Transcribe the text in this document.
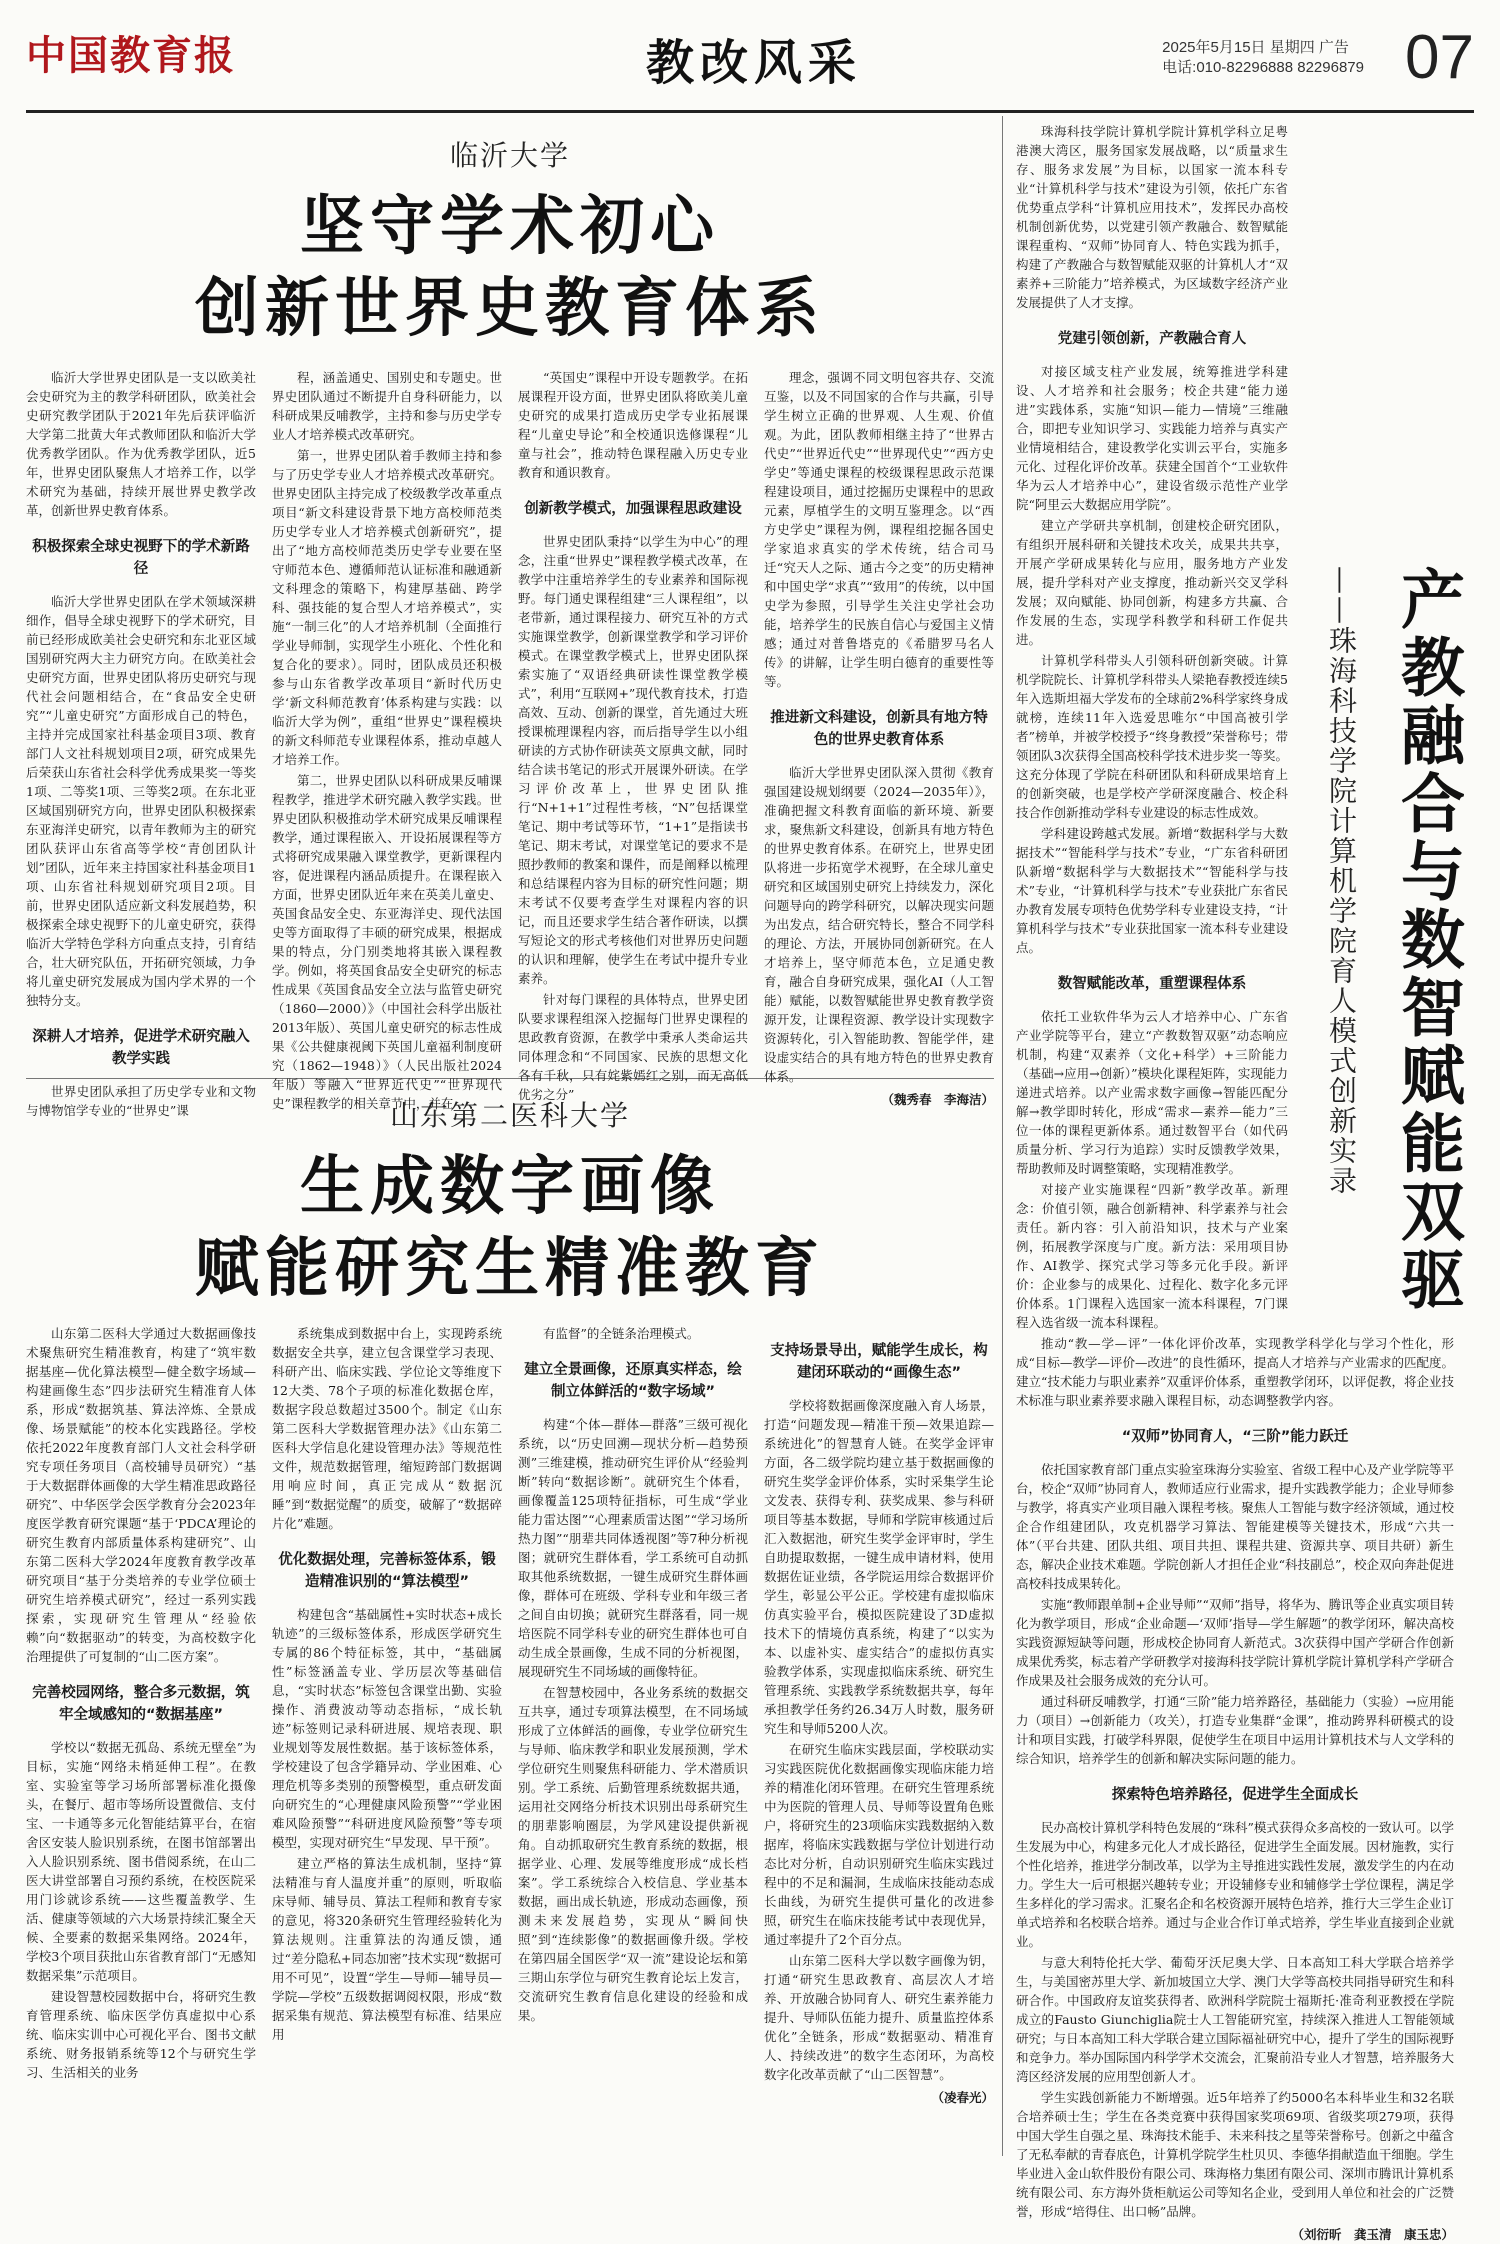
中国教育报	教改风采	2025年5月15日 星期四 广告
电话:010-82296888 82296879 07
临沂大学
坚守学术初心
创新世界史教育体系

临沂大学世界史团队是一支以欧美社会史研究为主的教学科研团队，欧美社会史研究教学团队于2021年先后获评临沂大学第二批黄大年式教师团队和临沂大学优秀教学团队。作为优秀教学团队，近5年，世界史团队聚焦人才培养工作，以学术研究为基础，持续开展世界史教学改革，创新世界史教育体系。

积极探索全球史视野下的学术新路径

临沂大学世界史团队在学术领域深耕细作，倡导全球史视野下的学术研究，目前已经形成欧美社会史研究和东北亚区域国别研究两大主力研究方向。在欧美社会史研究方面，世界史团队将历史研究与现代社会问题相结合，在“食品安全史研究”“儿童史研究”方面形成自己的特色，主持并完成国家社科基金项目3项、教育部门人文社科规划项目2项，研究成果先后荣获山东省社会科学优秀成果奖一等奖1项、二等奖1项、三等奖2项。在东北亚区域国别研究方向，世界史团队积极探索东亚海洋史研究，以青年教师为主的研究团队获评山东省高等学校“青创团队计划”团队，近年来主持国家社科基金项目1项、山东省社科规划研究项目2项。目前，世界史团队适应新文科发展趋势，积极探索全球史视野下的儿童史研究，获得临沂大学特色学科方向重点支持，引育结合，壮大研究队伍，开拓研究领域，力争将儿童史研究发展成为国内学术界的一个独特分支。

深耕人才培养，促进学术研究融入教学实践

世界史团队承担了历史学专业和文物与博物馆学专业的“世界史”课

程，涵盖通史、国别史和专题史。世界史团队通过不断提升自身科研能力，以科研成果反哺教学，主持和参与历史学专业人才培养模式改革研究。

第一，世界史团队着手教师主持和参与了历史学专业人才培养模式改革研究。世界史团队主持完成了校级教学改革重点项目“新文科建设背景下地方高校师范类历史学专业人才培养模式创新研究”，提出了“地方高校师范类历史学专业要在坚守师范本色、遵循师范认证标准和融通新文科理念的策略下，构建厚基础、跨学科、强技能的复合型人才培养模式”，实施“一制三化”的人才培养机制（全面推行学业导师制，实现学生小班化、个性化和复合化的要求）。同时，团队成员还积极参与山东省教学改革项目“新时代历史学‘新文科师范教育’体系构建与实践：以临沂大学为例”，重组“世界史”课程模块的新文科师范专业课程体系，推动卓越人才培养工作。

第二，世界史团队以科研成果反哺课程教学，推进学术研究融入教学实践。世界史团队积极推动学术研究成果反哺课程教学，通过课程嵌入、开设拓展课程等方式将研究成果融入课堂教学，更新课程内容，促进课程内涵品质提升。在课程嵌入方面，世界史团队近年来在英美儿童史、英国食品安全史、东亚海洋史、现代法国史等方面取得了丰硕的研究成果，根据成果的特点，分门别类地将其嵌入课程教学。例如，将英国食品安全史研究的标志性成果《英国食品安全立法与监管史研究（1860—2000）》（中国社会科学出版社2013年版）、英国儿童史研究的标志性成果《公共健康视阈下英国儿童福利制度研究（1862—1948）》（人民出版社2024年版）等融入“世界近代史”“世界现代史”课程教学的相关章节中，并在

“英国史”课程中开设专题教学。在拓展课程开设方面，世界史团队将欧美儿童史研究的成果打造成历史学专业拓展课程“儿童史导论”和全校通识选修课程“儿童与社会”，推动特色课程融入历史专业教育和通识教育。

创新教学模式，加强课程思政建设

世界史团队秉持“以学生为中心”的理念，注重“世界史”课程教学模式改革，在教学中注重培养学生的专业素养和国际视野。每门通史课程组建“三人课程组”，以老带新，通过课程接力、研究互补的方式实施课堂教学，创新课堂教学和学习评价模式。在课堂教学模式上，世界史团队探索实施了“双语经典研读性课堂教学模式”，利用“互联网+”现代教育技术，打造高效、互动、创新的课堂，首先通过大班授课梳理课程内容，而后指导学生以小组研读的方式协作研读英文原典文献，同时结合读书笔记的形式开展课外研读。在学习评价改革上，世界史团队推行“N+1+1”过程性考核，“N”包括课堂笔记、期中考试等环节，“1+1”是指读书笔记、期末考试，对课堂笔记的要求不是照抄教师的教案和课件，而是阐释以梳理和总结课程内容为目标的研究性问题；期末考试不仅要考查学生对课程内容的识记，而且还要求学生结合著作研读，以撰写短论文的形式考核他们对世界历史问题的认识和理解，使学生在考试中提升专业素养。

针对每门课程的具体特点，世界史团队要求课程组深入挖掘每门世界史课程的思政教育资源，在教学中秉承人类命运共同体理念和“不同国家、民族的思想文化各有千秋，只有姹紫嫣红之别，而无高低优劣之分”

理念，强调不同文明包容共存、交流互鉴，以及不同国家的合作与共赢，引导学生树立正确的世界观、人生观、价值观。为此，团队教师相继主持了“世界古代史”“世界近代史”“世界现代史”“西方史学史”等通史课程的校级课程思政示范课程建设项目，通过挖掘历史课程中的思政元素，厚植学生的文明互鉴理念。以“西方史学史”课程为例，课程组挖掘各国史学家追求真实的学术传统，结合司马迁“究天人之际、通古今之变”的历史精神和中国史学“求真”“致用”的传统，以中国史学为参照，引导学生关注史学社会功能，培养学生的民族自信心与爱国主义情感；通过对普鲁塔克的《希腊罗马名人传》的讲解，让学生明白德育的重要性等等。

推进新文科建设，创新具有地方特色的世界史教育体系

临沂大学世界史团队深入贯彻《教育强国建设规划纲要（2024—2035年）》，准确把握文科教育面临的新环境、新要求，聚焦新文科建设，创新具有地方特色的世界史教育体系。在研究上，世界史团队将进一步拓宽学术视野，在全球儿童史研究和区域国别史研究上持续发力，深化问题导向的跨学科研究，以解决现实问题为出发点，结合研究特长，整合不同学科的理论、方法，开展协同创新研究。在人才培养上，坚守师范本色，立足通史教育，融合自身研究成果，强化AI（人工智能）赋能，以数智赋能世界史教育教学资源开发，让课程资源、教学设计实现数字资源转化，引入智能助教、智能学伴，建设虚实结合的具有地方特色的世界史教育体系。

（魏秀春　李海洁）
山东第二医科大学
生成数字画像
赋能研究生精准教育

山东第二医科大学通过大数据画像技术聚焦研究生精准教育，构建了“筑牢数据基座—优化算法模型—健全数字场域—构建画像生态”四步法研究生精准育人体系，形成“数据筑基、算法淬炼、全景成像、场景赋能”的校本化实践路径。学校依托2022年度教育部门人文社会科学研究专项任务项目（高校辅导员研究）“基于大数据群体画像的大学生精准思政路径研究”、中华医学会医学教育分会2023年度医学教育研究课题“基于‘PDCA’理论的研究生教育内部质量体系构建研究”、山东第二医科大学2024年度教育教学改革研究项目“基于分类培养的专业学位硕士研究生培养模式研究”，经过一系列实践探索，实现研究生管理从“经验依赖”向“数据驱动”的转变，为高校数字化治理提供了可复制的“山二医方案”。

完善校园网络，整合多元数据，筑牢全域感知的“数据基座”

学校以“数据无孤岛、系统无壁垒”为目标，实施“网络未梢延伸工程”。在教室、实验室等学习场所部署标准化摄像头，在餐厅、超市等场所设置微信、支付宝、一卡通等多元化智能结算平台，在宿舍区安装人脸识别系统，在图书馆部署出入人脸识别系统、图书借阅系统，在山二医大讲堂部署自习预约系统，在校医院采用门诊就诊系统——这些覆盖教学、生活、健康等领域的六大场景持续汇聚全天候、全要素的数据采集网络。2024年，学校3个项目获批山东省教育部门“无感知数据采集”示范项目。

建设智慧校园数据中台，将研究生教育管理系统、临床医学仿真虚拟中心系统、临床实训中心可视化平台、图书文献系统、财务报销系统等12个与研究生学习、生活相关的业务

系统集成到数据中台上，实现跨系统数据安全共享，建立包含课堂学习表现、科研产出、临床实践、学位论文等维度下12大类、78个子项的标准化数据仓库，数据字段总数超过3500个。制定《山东第二医科大学数据管理办法》《山东第二医科大学信息化建设管理办法》等规范性文件，规范数据管理，缩短跨部门数据调用响应时间，真正完成从“数据沉睡”到“数据觉醒”的质变，破解了“数据碎片化”难题。

优化数据处理，完善标签体系，锻造精准识别的“算法模型”

构建包含“基础属性+实时状态+成长轨迹”的三级标签体系，形成医学研究生专属的86个特征标签，其中，“基础属性”标签涵盖专业、学历层次等基础信息，“实时状态”标签包含课堂出勤、实验操作、消费波动等动态指标，“成长轨迹”标签则记录科研进展、规培表现、职业规划等发展性数据。基于该标签体系，学校建设了包含学籍异动、学业困难、心理危机等多类别的预警模型，重点研发面向研究生的“心理健康风险预警”“学业困难风险预警”“科研进度风险预警”等专项模型，实现对研究生“早发现、早干预”。

建立严格的算法生成机制，坚持“算法精准与育人温度并重”的原则，听取临床导师、辅导员、算法工程师和教育专家的意见，将320条研究生管理经验转化为算法规则。注重算法的沟通反馈，通过“差分隐私+同态加密”技术实现“数据可用不可见”，设置“学生—导师—辅导员—学院—学校”五级数据调阅权限，形成“数据采集有规范、算法模型有标准、结果应用

有监督”的全链条治理模式。

建立全景画像，还原真实样态，绘制立体鲜活的“数字场域”

构建“个体—群体—群落”三级可视化系统，以“历史回溯—现状分析—趋势预测”三维建模，推动研究生评价从“经验判断”转向“数据诊断”。就研究生个体看，画像覆盖125项特征指标，可生成“学业能力雷达图”“心理素质雷达图”“学习场所热力图”“朋辈共同体透视图”等7种分析视图；就研究生群体看，学工系统可自动抓取其他系统数据，一键生成研究生群体画像，群体可在班级、学科专业和年级三者之间自由切换；就研究生群落看，同一规培医院不同学科专业的研究生群体也可自动生成全景画像，生成不同的分析视图，展现研究生不同场域的画像特征。

在智慧校园中，各业务系统的数据交互共享，通过专项算法模型，在不同场域形成了立体鲜活的画像，专业学位研究生与导师、临床教学和职业发展预测，学术学位研究生则聚焦科研能力、学术潜质识别。学工系统、后勤管理系统数据共通，运用社交网络分析技术识别出母系研究生的朋辈影响圈层，为学风建设提供新视角。自动抓取研究生教育系统的数据，根据学业、心理、发展等维度形成“成长档案”。学工系统综合入校信息、学业基本数据，画出成长轨迹，形成动态画像，预测未来发展趋势，实现从“瞬间快照”到“连续影像”的数据画像升级。学校在第四届全国医学“双一流”建设论坛和第三期山东学位与研究生教育论坛上发言，交流研究生教育信息化建设的经验和成果。

支持场景导出，赋能学生成长，构建闭环联动的“画像生态”

学校将数据画像深度融入育人场景，打造“问题发现—精准干预—效果追踪—系统进化”的智慧育人链。在奖学金评审方面，各二级学院均建立基于数据画像的研究生奖学金评价体系，实时采集学生论文发表、获得专利、获奖成果、参与科研项目等基本数据，导师和学院审核通过后汇入数据池，研究生奖学金评审时，学生自助提取数据，一键生成申请材料，使用数据佐证业绩，各学院运用综合数据评价学生，彰显公平公正。学校建有虚拟临床仿真实验平台，模拟医院建设了3D虚拟技术下的情境仿真系统，构建了“以实为本、以虚补实、虚实结合”的虚拟仿真实验教学体系，实现虚拟临床系统、研究生管理系统、实践教学系统数据共享，每年承担教学任务约26.34万人时数，服务研究生和导师5200人次。

在研究生临床实践层面，学校联动实习实践医院优化数据画像实现临床能力培养的精准化闭环管理。在研究生管理系统中为医院的管理人员、导师等设置角色账户，将研究生的23项临床实践数据纳入数据库，将临床实践数据与学位计划进行动态比对分析，自动识别研究生临床实践过程中的不足和漏洞，生成临床技能动态成长曲线，为研究生提供可量化的改进参照，研究生在临床技能考试中表现优异，通过率提升了2个百分点。

山东第二医科大学以数字画像为钥，打通“研究生思政教育、高层次人才培养、开放融合协同育人、研究生素养能力提升、导师队伍能力提升、质量监控体系优化”全链条，形成“数据驱动、精准育人、持续改进”的数字生态闭环，为高校数字化改革贡献了“山二医智慧”。

（凌春光）
产教融合与数智赋能双驱
——珠海科技学院计算机学院育人模式创新实录

珠海科技学院计算机学院计算机学科立足粤港澳大湾区，服务国家发展战略，以“质量求生存、服务求发展”为目标，以国家一流本科专业“计算机科学与技术”建设为引领，依托广东省优势重点学科“计算机应用技术”，发挥民办高校机制创新优势，以党建引领产教融合、数智赋能课程重构、“双师”协同育人、特色实践为抓手，构建了产教融合与数智赋能双驱的计算机人才“双素养+三阶能力”培养模式，为区域数字经济产业发展提供了人才支撑。

党建引领创新，产教融合育人

对接区域支柱产业发展，统筹推进学科建设、人才培养和社会服务；校企共建“能力递进”实践体系，实施“知识—能力—情境”三维融合，即把专业知识学习、实践能力培养与真实产业情境相结合，建设教学化实训云平台，实施多元化、过程化评价改革。获建全国首个“工业软件华为云人才培养中心”，建设省级示范性产业学院“阿里云大数据应用学院”。

建立产学研共享机制，创建校企研究团队，有组织开展科研和关键技术攻关，成果共共享，开展产学研成果转化与应用，服务地方产业发展，提升学科对产业支撑度，推动新兴交叉学科发展；双向赋能、协同创新，构建多方共赢、合作发展的生态，实现学科教学和科研工作促共进。

计算机学科带头人引领科研创新突破。计算机学院院长、计算机学科带头人梁艳春教授连续5年入选斯坦福大学发布的全球前2%科学家终身成就榜，连续11年入选爱思唯尔“中国高被引学者”榜单，并被学校授予“终身教授”荣誉称号；带领团队3次获得全国高校科学技术进步奖一等奖。这充分体现了学院在科研团队和科研成果培育上的创新突破，也是学校产学研深度融合、校企科技合作创新推动学科专业建设的标志性成效。

学科建设跨越式发展。新增“数据科学与大数据技术”“智能科学与技术”专业，“广东省科研团队新增“数据科学与大数据技术”“智能科学与技术”专业，“计算机科学与技术”专业获批广东省民办教育发展专项特色优势学科专业建设支持，“计算机科学与技术”专业获批国家一流本科专业建设点。

数智赋能改革，重塑课程体系

依托工业软件华为云人才培养中心、广东省产业学院等平台，建立“产教数智双驱”动态响应机制，构建“双素养（文化+科学）+三阶能力（基础→应用→创新）”模块化课程矩阵，实现能力递进式培养。以产业需求数字画像→智能匹配分解→教学即时转化，形成“需求—素养—能力”三位一体的课程更新体系。通过数智平台（如代码质量分析、学习行为追踪）实时反馈教学效果，帮助教师及时调整策略，实现精准教学。

对接产业实施课程“四新”教学改革。新理念：价值引领，融合创新精神、科学素养与社会责任。新内容：引入前沿知识，技术与产业案例，拓展教学深度与广度。新方法：采用项目协作、AI教学、探究式学习等多元化手段。新评价：企业参与的成果化、过程化、数字化多元评价体系。1门课程入选国家一流本科课程，7门课程入选省级一流本科课程。

推动“教—学—评”一体化评价改革，实现教学科学化与学习个性化，形成“目标—教学—评价—改进”的良性循环，提高人才培养与产业需求的匹配度。建立“技术能力与职业素养”双重评价体系，重塑教学闭环，以评促教，将企业技术标准与职业素养要求融入课程目标，动态调整教学内容。

“双师”协同育人，“三阶”能力跃迁

依托国家教育部门重点实验室珠海分实验室、省级工程中心及产业学院等平台，校企“双师”协同育人，教师适应行业需求，提升实践教学能力；企业导师参与教学，将真实产业项目融入课程考核。聚焦人工智能与数字经济领域，通过校企合作组建团队，攻克机器学习算法、智能建模等关键技术，形成“六共一体”（平台共建、团队共组、项目共担、课程共建、资源共享、项目共研）新生态，解决企业技术难题。学院创新人才担任企业“科技副总”，校企双向奔赴促进高校科技成果转化。

实施“教师跟单制+企业导师”“双师”指导，将华为、腾讯等企业真实项目转化为教学项目，形成“企业命题—‘双师’指导—学生解题”的教学闭环，解决高校实践资源短缺等问题，形成校企协同育人新范式。3次获得中国产学研合作创新成果优秀奖，标志着产学研教学对接海科技学院计算机学院计算机学科产学研合作成果及社会服务成效的充分认可。

通过科研反哺教学，打通“三阶”能力培养路径，基础能力（实验）→应用能力（项目）→创新能力（攻关），打造专业集群“金课”，推动跨界科研模式的设计和项目实践，打破学科界限，促使学生在项目中运用计算机技术与人文学科的综合知识，培养学生的创新和解决实际问题的能力。

探索特色培养路径，促进学生全面成长

民办高校计算机学科特色发展的“珠科”模式获得众多高校的一致认可。以学生发展为中心，构建多元化人才成长路径，促进学生全面发展。因材施教，实行个性化培养，推进学分制改革，以学为主导推进实践性发展，激发学生的内在动力。学生大一后可根据兴趣转专业；开设辅修专业和辅修学士学位课程，满足学生多样化的学习需求。汇聚名企和名校资源开展特色培养，推行大三学生企业订单式培养和名校联合培养。通过与企业合作订单式培养，学生毕业直接到企业就业。

与意大利特伦托大学、葡萄牙沃尼奥大学、日本高知工科大学联合培养学生，与美国密苏里大学、新加坡国立大学、澳门大学等高校共同指导研究生和科研合作。中国政府友谊奖获得者、欧洲科学院院士福斯托·准奇利亚教授在学院成立的Fausto Giunchiglia院士人工智能研究室，持续深入推进人工智能领域研究；与日本高知工科大学联合建立国际福祉研究中心，提升了学生的国际视野和竞争力。举办国际国内科学学术交流会，汇聚前沿专业人才智慧，培养服务大湾区经济发展的应用型创新人才。

学生实践创新能力不断增强。近5年培养了约5000名本科毕业生和32名联合培养硕士生；学生在各类竞赛中获得国家奖项69项、省级奖项279项，获得中国大学生自强之星、珠海技术能手、未来科技之星等荣誉称号。创新之中蕴含了无私奉献的青春底色，计算机学院学生杜贝贝、李德华捐献造血干细胞。学生毕业进入金山软件股份有限公司、珠海格力集团有限公司、深圳市腾讯计算机系统有限公司、东方海外货柜航运公司等知名企业，受到用人单位和社会的广泛赞誉，形成“培得住、出口畅”品牌。

（刘衍昕　龚玉清　康玉忠）
